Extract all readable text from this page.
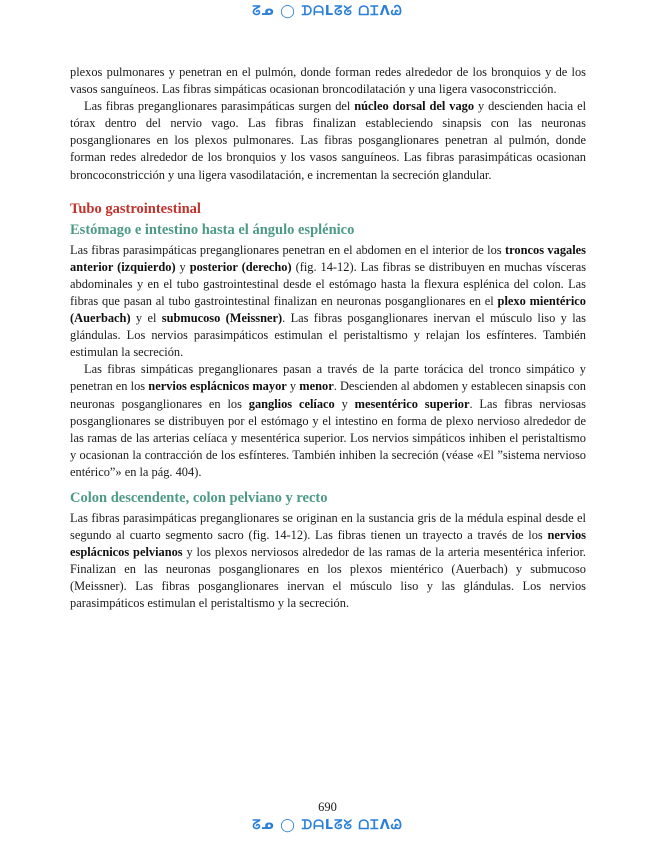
ᘔᓄ ◯ ᗪᗩᒪᘔᘜ ᗝᏆᐱᏊ

plexos pulmonares y penetran en el pulmón, donde forman redes alrededor de los bronquios y de los vasos sanguíneos. Las fibras simpáticas ocasionan broncodilatación y una ligera vasoconstricción.

Las fibras preganglionares parasimpáticas surgen del núcleo dorsal del vago y descienden hacia el tórax dentro del nervio vago. Las fibras finalizan estableciendo sinapsis con las neuronas posganglionares en los plexos pulmonares. Las fibras posganglionares penetran al pulmón, donde forman redes alrededor de los bronquios y los vasos sanguíneos. Las fibras parasimpáticas ocasionan broncoconstricción y una ligera vasodilatación, e incrementan la secreción glandular.

Tubo gastrointestinal
Estómago e intestino hasta el ángulo esplénico

Las fibras parasimpáticas preganglionares penetran en el abdomen en el interior de los troncos vagales anterior (izquierdo) y posterior (derecho) (fig. 14-12). Las fibras se distribuyen en muchas vísceras abdominales y en el tubo gastrointestinal desde el estómago hasta la flexura esplénica del colon. Las fibras que pasan al tubo gastrointestinal finalizan en neuronas posganglionares en el plexo mientérico (Auerbach) y el submucoso (Meissner). Las fibras posganglionares inervan el músculo liso y las glándulas. Los nervios parasimpáticos estimulan el peristaltismo y relajan los esfínteres. También estimulan la secreción.

Las fibras simpáticas preganglionares pasan a través de la parte torácica del tronco simpático y penetran en los nervios esplácnicos mayor y menor. Descienden al abdomen y establecen sinapsis con neuronas posganglionares en los ganglios celíaco y mesentérico superior. Las fibras nerviosas posganglionares se distribuyen por el estómago y el intestino en forma de plexo nervioso alrededor de las ramas de las arterias celíaca y mesentérica superior. Los nervios simpáticos inhiben el peristaltismo y ocasionan la contracción de los esfínteres. También inhiben la secreción (véase «El ”sistema nervioso entérico”» en la pág. 404).

Colon descendente, colon pelviano y recto

Las fibras parasimpáticas preganglionares se originan en la sustancia gris de la médula espinal desde el segundo al cuarto segmento sacro (fig. 14-12). Las fibras tienen un trayecto a través de los nervios esplácnicos pelvianos y los plexos nerviosos alrededor de las ramas de la arteria mesentérica inferior. Finalizan en las neuronas posganglionares en los plexos mientérico (Auerbach) y submucoso (Meissner). Las fibras posganglionares inervan el músculo liso y las glándulas. Los nervios parasimpáticos estimulan el peristaltismo y la secreción.

690
ᘔᓄ ◯ ᗪᗩᒪᘔᘜ ᗝᏆᐱᏊ
